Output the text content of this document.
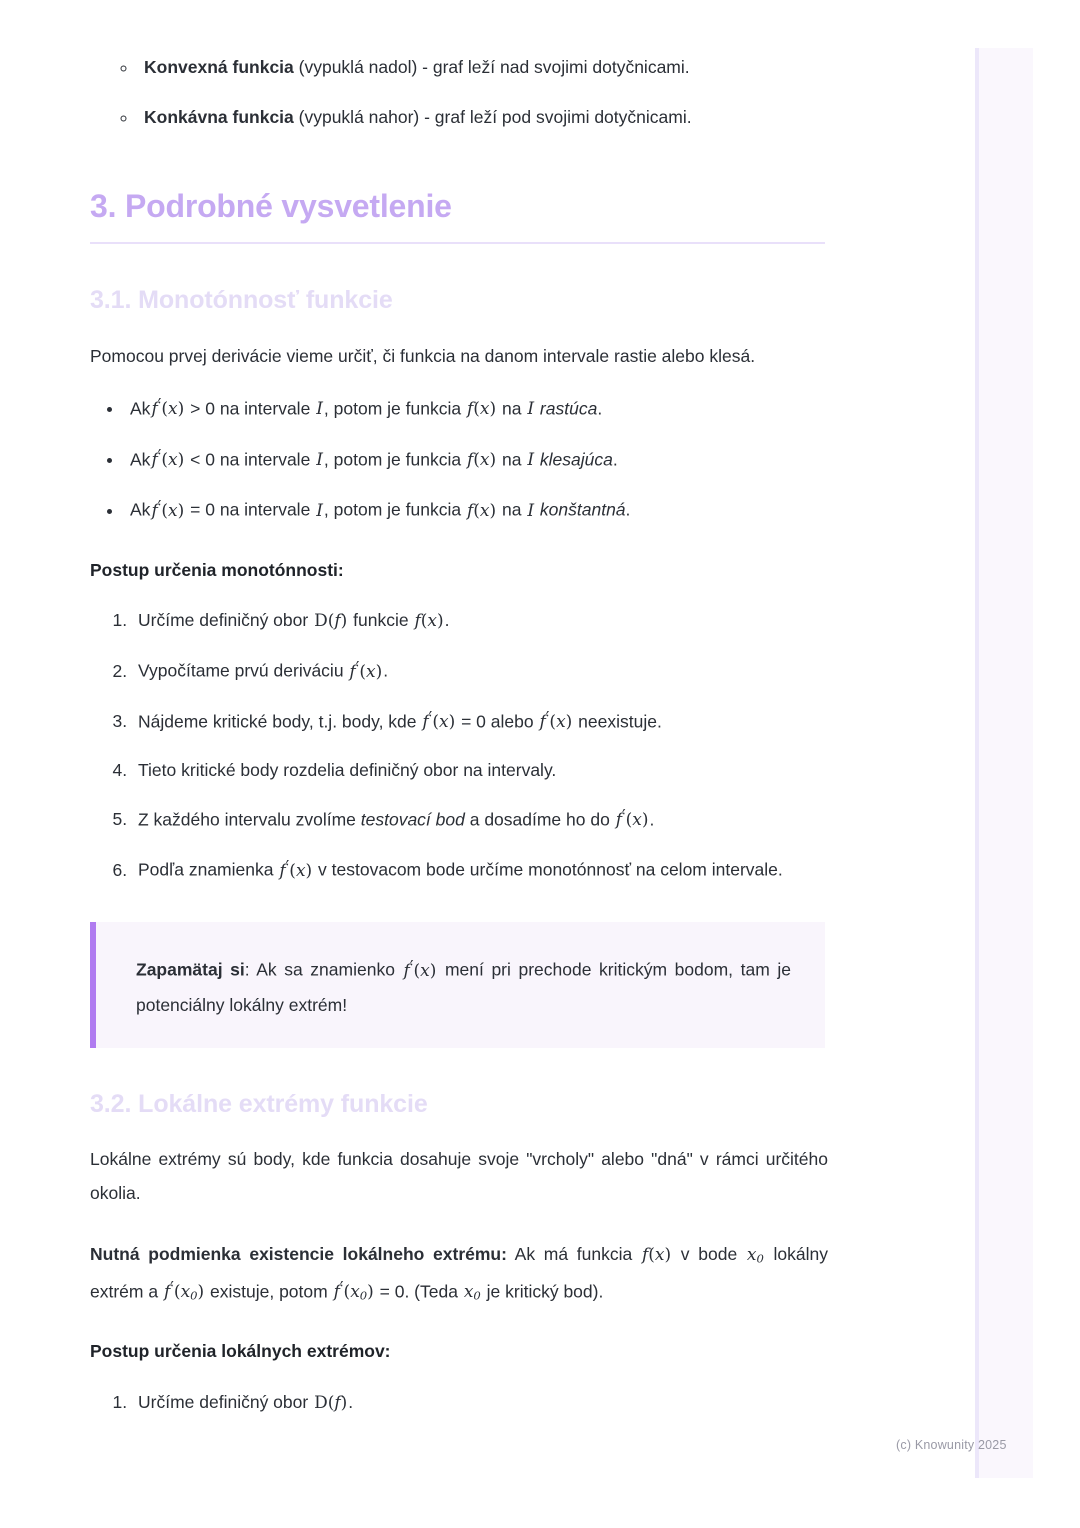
◦ Konvexná funkcia (vypuklá nadol) - graf leží nad svojimi dotyčnicami.
◦ Konkávna funkcia (vypuklá nahor) - graf leží pod svojimi dotyčnicami.
3. Podrobné vysvetlenie
3.1. Monotónnosť funkcie

Pomocou prvej derivácie vieme určiť, či funkcia na danom intervale rastie alebo klesá.

• Akf′(x) > 0 na intervale I, potom je funkcia f(x) na I rastúca.
• Akf′(x) < 0 na intervale I, potom je funkcia f(x) na I klesajúca.
• Akf′(x) = 0 na intervale I, potom je funkcia f(x) na I konštantná.

Postup určenia monotónnosti:

1. Určíme definičný obor D(f) funkcie f(x).
2. Vypočítame prvú deriváciu f′(x).
3. Nájdeme kritické body, t.j. body, kde f′(x) = 0 alebo f′(x) neexistuje.
4. Tieto kritické body rozdelia definičný obor na intervaly.
5. Z každého intervalu zvolíme testovací bod a dosadíme ho do f′(x).
6. Podľa znamienka f′(x) v testovacom bode určíme monotónnosť na celom intervale.

Zapamätaj si: Ak sa znamienko f′(x) mení pri prechode kritickým bodom, tam je potenciálny lokálny extrém!

3.2. Lokálne extrémy funkcie

Lokálne extrémy sú body, kde funkcia dosahuje svoje "vrcholy" alebo "dná" v rámci určitého okolia.

Nutná podmienka existencie lokálneho extrému: Ak má funkcia f(x) v bode $x_0$ lokálny extrém a $f'(x_0)$ existuje, potom $f'(x_0) = 0$. (Teda $x_0$ je kritický bod).

Postup určenia lokálnych extrémov:

1. Určíme definičný obor D(f).
(c) Knowunity 2025
